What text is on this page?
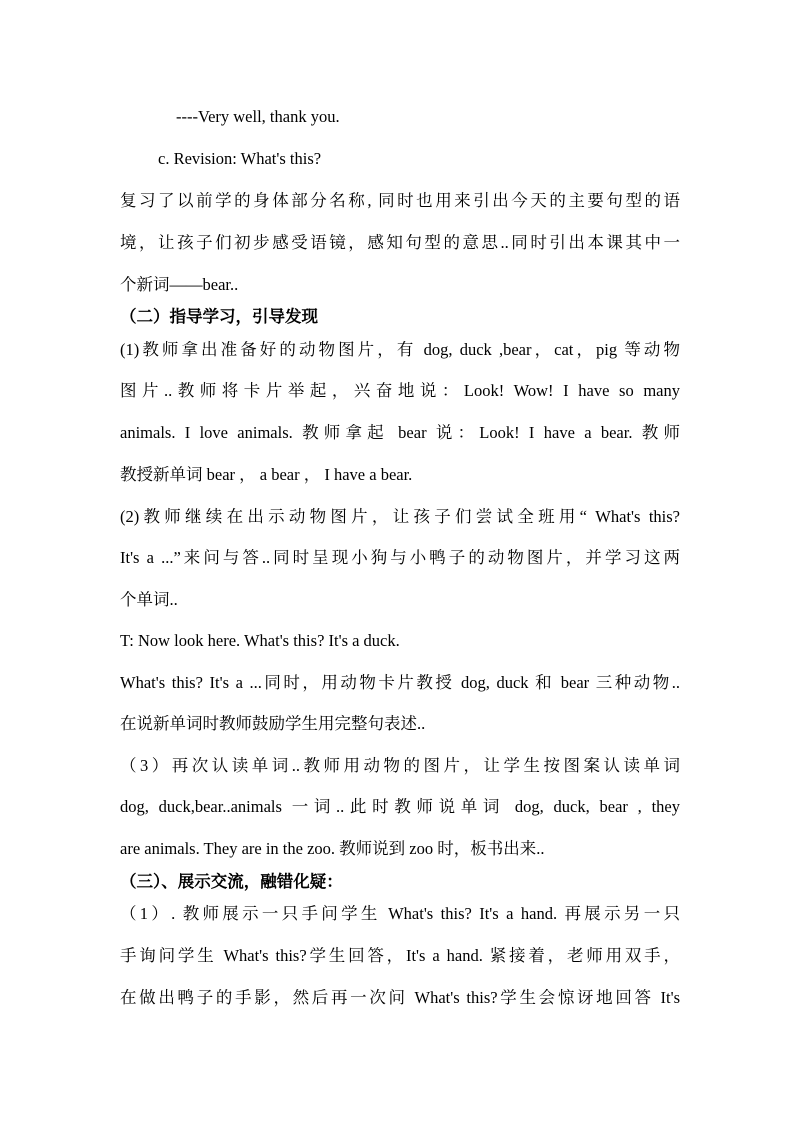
----Very well, thank you.
c. Revision: What's this?
复习了以前学的身体部分名称, 同时也用来引出今天的主要句型的语
境，让孩子们初步感受语镜，感知句型的意思..同时引出本课其中一
个新词——bear..
（二）指导学习，引导发现
(1)教师拿出准备好的动物图片，有 dog, duck ,bear，cat，pig 等动物
图片..教师将卡片举起，兴奋地说：Look! Wow! I have so many
animals. I love animals. 教师拿起 bear 说：Look! I have a bear. 教师
教授新单词 bear ， a bear ， I have a bear.
(2)教师继续在出示动物图片，让孩子们尝试全班用“ What's this?
It's a ...”来问与答..同时呈现小狗与小鸭子的动物图片，并学习这两
个单词..
T: Now look here. What's this? It's a duck.
What's this? It's a ...同时，用动物卡片教授 dog, duck 和 bear 三种动物..
在说新单词时教师鼓励学生用完整句表述..
（3）再次认读单词..教师用动物的图片，让学生按图案认读单词
dog, duck,bear..animals 一词..此时教师说单词 dog, duck, bear , they
are animals. They are in the zoo. 教师说到 zoo 时，板书出来..
（三）、展示交流，融错化疑：
（1）. 教师展示一只手问学生 What's this? It's a hand. 再展示另一只
手询问学生 What's this?学生回答，It's a hand. 紧接着，老师用双手，
在做出鸭子的手影，然后再一次问 What's this?学生会惊讶地回答 It's
